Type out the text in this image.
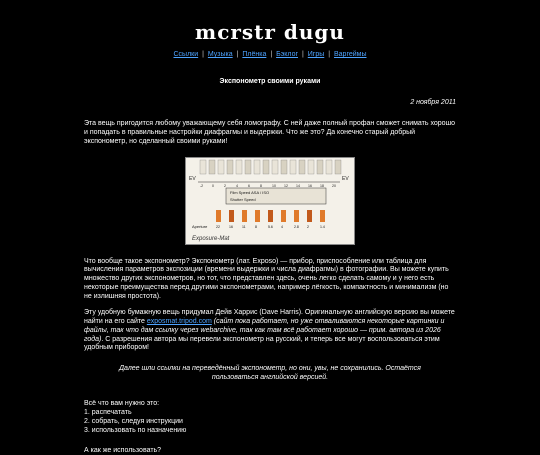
mcrstr dugu
Ссылки | Музыка | Плёнка | Бэклог | Игры | Варгеймы
Экспонометр своими руками
2 ноября 2011

Эта вещь пригодится любому уважающему себя ломографу. С ней даже полный профан сможет снимать хорошо и попадать в правильные настройки диафрагмы и выдержки. Что же это? Да конечно старый добрый экспонометр, но сделанный своими руками!

EV	EV
-2	0	2	4	6	8	10 12 14 16 18 20
Film Speed ASA / ISO
Shutter Speed
22	16	11	8	5.6 4	2.8 2	1.4
Aperture
Exposure-Mat

Что вообще такое экспонометр? Экспонометр (лат. Exposo) — прибор, приспособление или таблица для вычисления параметров экспозиции (времени выдержки и числа диафрагмы) в фотографии. Вы можете купить множество других экспонометров, но тот, что представлен здесь, очень легко сделать самому и у него есть некоторые преимущества перед другими экспонометрами, например лёгкость, компактность и минимализм (но не излишняя простота).

Эту удобную бумажную вещь придумал Дейв Харрис (Dave Harris). Оригинальную английскую версию вы можете найти на его сайте exposmat.tripod.com (сайт пока работает, но уже отваливаются некоторые картинки и файлы, так что дам ссылку через webarchive, так как там всё работает хорошо — прим. автора из 2026 года). С разрешения автора мы перевели экспонометр на русский, и теперь все могут воспользоваться этим удобным прибором!

Далее шли ссылки на переведённый экспонометр, но они, увы, не сохранились. Остаётся пользоваться английской версией.

Всё что вам нужно это:

1. распечатать
2. собрать, следуя инструкции
3. использовать по назначению

А как же использовать?
